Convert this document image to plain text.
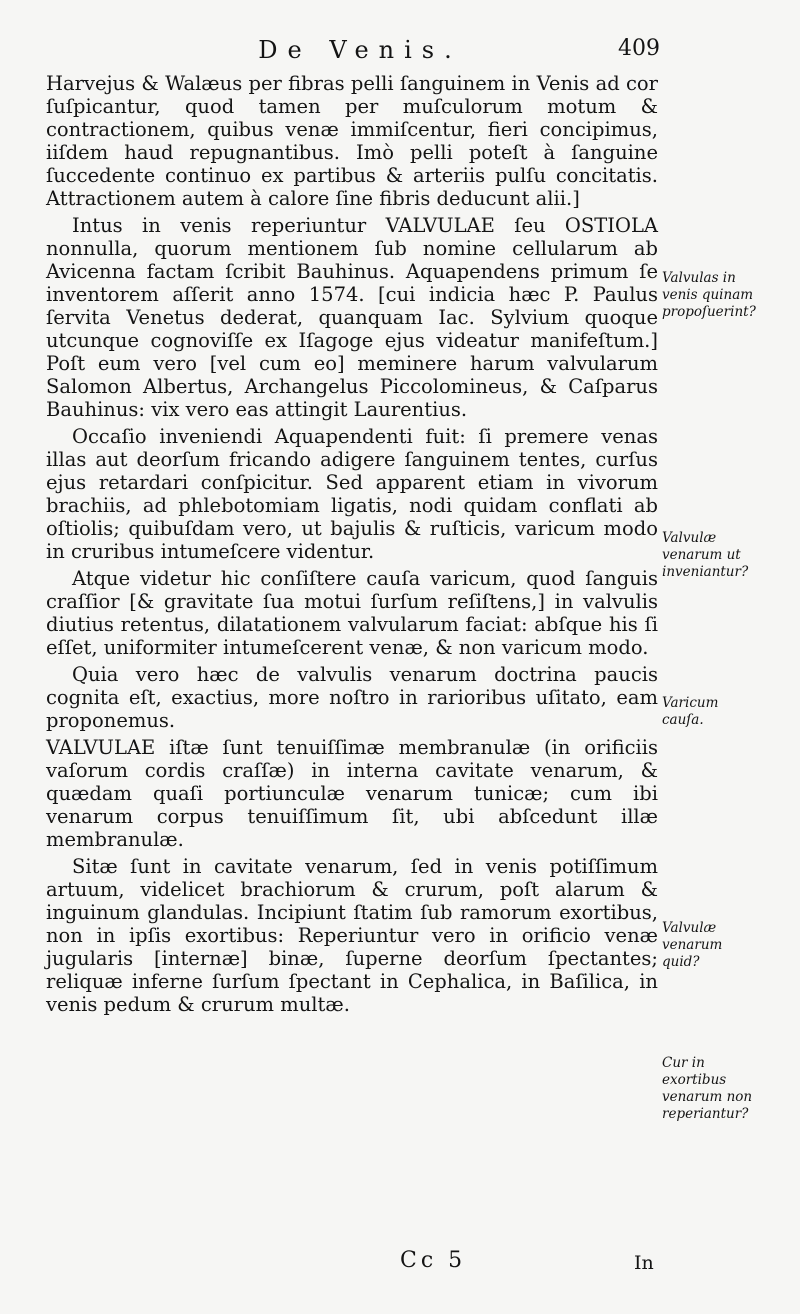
De Venis.	409

Harvejus & Walæus per fibras pelli ſanguinem in Venis ad cor ſuſpicantur, quod tamen per muſculorum motum & contractionem, quibus venæ immiſcentur, fieri concipimus, iiſdem haud repugnantibus. Imò pelli poteſt à ſanguine ſuccedente continuo ex partibus & arteriis pulſu concitatis. Attractionem autem à calore ſine fibris deducunt alii.]

Intus in venis reperiuntur VALVULAE ſeu OSTIOLA nonnulla, quorum mentionem ſub nomine cellularum ab Avicenna factam ſcribit Bauhinus. Aquapendens primum ſe inventorem aſſerit anno 1574. [cui indicia hæc P. Paulus ſervita Venetus dederat, quanquam Iac. Sylvium quoque utcunque cognoviſſe ex Iſagoge ejus videatur manifeſtum.] Poſt eum vero [vel cum eo] meminere harum valvularum Salomon Albertus, Archangelus Piccolomineus, & Caſparus Bauhinus: vix vero eas attingit Laurentius.

Occaſio inveniendi Aquapendenti fuit: ſi premere venas illas aut deorſum fricando adigere ſanguinem tentes, curſus ejus retardari conſpicitur. Sed apparent etiam in vivorum brachiis, ad phlebotomiam ligatis, nodi quidam conflati ab oſtiolis; quibuſdam vero, ut bajulis & ruſticis, varicum modo in cruribus intumeſcere videntur.

Atque videtur hic conſiſtere cauſa varicum, quod ſanguis craſſior [& gravitate ſua motui ſurſum reſiſtens,] in valvulis diutius retentus, dilatationem valvularum faciat: abſque his ſi eſſet, uniformiter intumeſcerent venæ, & non varicum modo.

Quia vero hæc de valvulis venarum doctrina paucis cognita eſt, exactius, more noſtro in rarioribus uſitato, eam proponemus.

VALVULAE iſtæ ſunt tenuiſſimæ membranulæ (in orificiis vaſorum cordis craſſæ) in interna cavitate venarum, & quædam quaſi portiunculæ venarum tunicæ; cum ibi venarum corpus tenuiſſimum ſit, ubi abſcedunt illæ membranulæ.

Sitæ ſunt in cavitate venarum, ſed in venis potiſſimum artuum, videlicet brachiorum & crurum, poſt alarum & inguinum glandulas. Incipiunt ſtatim ſub ramorum exortibus, non in ipſis exortibus: Reperiuntur vero in orificio venæ jugularis [internæ] binæ, ſuperne deorſum ſpectantes; reliquæ inferne ſurſum ſpectant in Cephalica, in Baſilica, in venis pedum & crurum multæ.

Valvulas in venis quinam propoſuerint?
Valvulæ venarum ut inveniantur?
Varicum cauſa.
Valvulæ venarum quid?
Cur in exortibus venarum non reperiantur?
Cc 5	In
